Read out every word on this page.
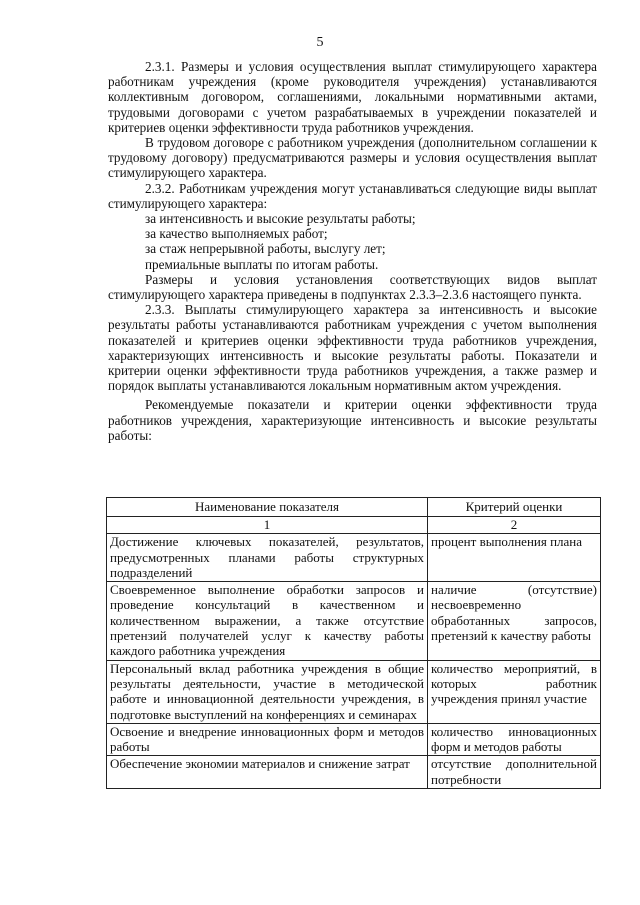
5

2.3.1. Размеры и условия осуществления выплат стимулирующего характера работникам учреждения (кроме руководителя учреждения) устанавливаются коллективным договором, соглашениями, локальными нормативными актами, трудовыми договорами с учетом разрабатываемых в учреждении показателей и критериев оценки эффективности труда работников учреждения.

В трудовом договоре с работником учреждения (дополнительном соглашении к трудовому договору) предусматриваются размеры и условия осуществления выплат стимулирующего характера.

2.3.2. Работникам учреждения могут устанавливаться следующие виды выплат стимулирующего характера:

за интенсивность и высокие результаты работы;

за качество выполняемых работ;

за стаж непрерывной работы, выслугу лет;

премиальные выплаты по итогам работы.

Размеры и условия установления соответствующих видов выплат стимулирующего характера приведены в подпунктах 2.3.3–2.3.6 настоящего пункта.

2.3.3. Выплаты стимулирующего характера за интенсивность и высокие результаты работы устанавливаются работникам учреждения с учетом выполнения показателей и критериев оценки эффективности труда работников учреждения, характеризующих интенсивность и высокие результаты работы. Показатели и критерии оценки эффективности труда работников учреждения, а также размер и порядок выплаты устанавливаются локальным нормативным актом учреждения.

Рекомендуемые показатели и критерии оценки эффективности труда работников учреждения, характеризующие интенсивность и высокие результаты работы:

Наименование показателя	Критерий оценки
1	2
Достижение ключевых показателей, результатов, предусмотренных планами работы структурных подразделений	процент выполнения плана
Своевременное выполнение обработки запросов и проведение консультаций в качественном и количественном выражении, а также отсутствие претензий получателей услуг к качеству работы каждого работника учреждения	наличие (отсутствие) несвоевременно обработанных запросов, претензий к качеству работы
Персональный вклад работника учреждения в общие результаты деятельности, участие в методической работе и инновационной деятельности учреждения, в подготовке выступлений на конференциях и семинарах	количество мероприятий, в которых работник учреждения принял участие
Освоение и внедрение инновационных форм и методов работы	количество инновационных форм и методов работы
Обеспечение экономии материалов и снижение затрат	отсутствие дополнительной потребности
